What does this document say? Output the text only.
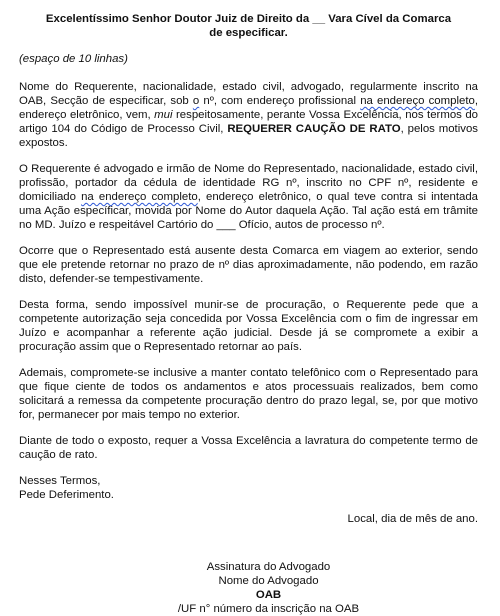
Excelentíssimo Senhor Doutor Juiz de Direito da __ Vara Cível da Comarca
de especificar.

(espaço de 10 linhas)

Nome do Requerente, nacionalidade, estado civil, advogado, regularmente inscrito na OAB, Secção de especificar, sob o nº, com endereço profissional na endereço completo, endereço eletrônico, vem, mui respeitosamente, perante Vossa Excelência, nos termos do artigo 104 do Código de Processo Civil, REQUERER CAUÇÃO DE RATO, pelos motivos expostos.

O Requerente é advogado e irmão de Nome do Representado, nacionalidade, estado civil, profissão, portador da cédula de identidade RG nº, inscrito no CPF nº, residente e domiciliado na endereço completo, endereço eletrônico, o qual teve contra si intentada uma Ação específicar, movida por Nome do Autor daquela Ação. Tal ação está em trâmite no MD. Juízo e respeitável Cartório do ___ Ofício, autos de processo nº.

Ocorre que o Representado está ausente desta Comarca em viagem ao exterior, sendo que ele pretende retornar no prazo de nº dias aproximadamente, não podendo, em razão disto, defender-se tempestivamente.

Desta forma, sendo impossível munir-se de procuração, o Requerente pede que a competente autorização seja concedida por Vossa Excelência com o fim de ingressar em Juízo e acompanhar a referente ação judicial. Desde já se compromete a exibir a procuração assim que o Representado retornar ao país.

Ademais, compromete-se inclusive a manter contato telefônico com o Representado para que fique ciente de todos os andamentos e atos processuais realizados, bem como solicitará a remessa da competente procuração dentro do prazo legal, se, por que motivo for, permanecer por mais tempo no exterior.

Diante de todo o exposto, requer a Vossa Excelência a lavratura do competente termo de caução de rato.

Nesses Termos,
Pede Deferimento.
Local, dia de mês de ano.
Assinatura do Advogado
Nome do Advogado
OAB
/UF n° número da inscrição na OAB
